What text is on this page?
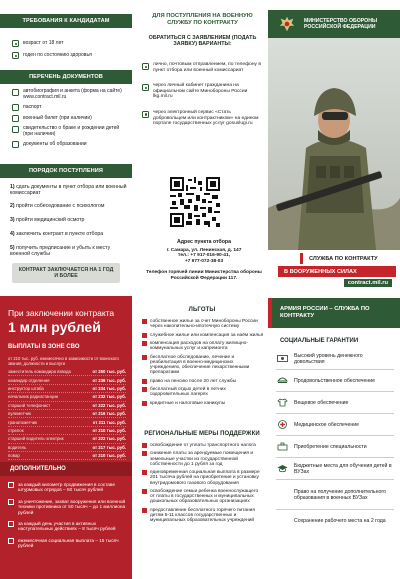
ТРЕБОВАНИЯ К КАНДИДАТАМ
возраст от 18 лет
годен по состоянию здоровья
ПЕРЕЧЕНЬ ДОКУМЕНТОВ
автобиография и анкета (форма на сайте) www.contract.mil.ru
паспорт
военный билет (при наличии)
свидетельство о браке и рождении детей (при наличии)
документы об образовании
ПОРЯДОК ПОСТУПЛЕНИЯ
1) сдать документы в пункт отбора или военный комиссариат
2) пройти собеседование с психологом
3) пройти медицинский осмотр
4) заключить контракт в пункте отбора
5) получить предписание и убыть к месту военной службы
КОНТРАКТ ЗАКЛЮЧАЕТСЯ НА 1 ГОД И БОЛЕЕ
ДЛЯ ПОСТУПЛЕНИЯ НА ВОЕННУЮ СЛУЖБУ ПО КОНТРАКТУ
ОБРАТИТЬСЯ С ЗАЯВЛЕНИЕМ (ПОДАТЬ ЗАЯВКУ) ВАРИАНТЫ:
лично, почтовым отправлением, по телефону в пункт отбора или военный комиссариат
через личный кабинет гражданина на официальном сайте Минобороны России lkg.mil.ru
через электронный сервис «Стать добровольцем или контрактником» на едином портале государственных услуг gosuslugi.ru
Адрес пункта отбора
г. Самара, ул. Ленинская, д. 147
тел.: +7 917-016-90-41,
+7 977-072-38-03
Телефон горячей линии Министерства обороны Российской Федерации 117.
МИНИСТЕРСТВО ОБОРОНЫ РОССИЙСКОЙ ФЕДЕРАЦИИ
СЛУЖБА ПО КОНТРАКТУ
В ВООРУЖЕННЫХ СИЛАХ
contract.mil.ru
При заключении контракта
1 млн рублей
ВЫПЛАТЫ В ЗОНЕ СВО
от 210 тыс. руб. ежемесячно в зависимости от воинского звания, должности и выслуги
заместитель командира взвода	от 250 тыс. руб.
командир отделения	от 236 тыс. руб.
инструктор штаба	от 234 тыс. руб.
начальник радиостанции	от 232 тыс. руб.
старший телефонист	от 222 тыс. руб.
пулеметчик	от 216 тыс. руб.
гранатометчик	от 211 тыс. руб.
стрелок	от 210 тыс. руб.
старший водитель-электрик	от 222 тыс. руб.
водитель	от 217 тыс. руб.
повар	от 210 тыс. руб.
ДОПОЛНИТЕЛЬНО
за каждый километр продвижения в составе штурмовых отрядов – 50 тысяч рублей
за уничтожение, захват вооружения или военной техники противника от 50 тысяч – до 1 миллиона рублей
за каждый день участия в активных наступательных действиях – 8 тысяч рублей
ежемесячная социальная выплата – 15 тысяч рублей
ЛЬГОТЫ
собственное жилье за счет Минобороны России через накопительно-ипотечную систему
служебное жилье или компенсация за наём жилья
компенсация расходов на оплату жилищно-коммунальных услуг и капремонта
бесплатное обследование, лечение и реабилитация в военно-медицинских учреждениях, обеспечение лекарственными препаратами
право на пенсию после 20 лет службы
бесплатный отдых детей в летних оздоровительных лагерях
кредитные и налоговые каникулы
РЕГИОНАЛЬНЫЕ МЕРЫ ПОДДЕРЖКИ
освобождение от уплаты транспортного налога
снижение платы за арендуемые помещения и земельные участки из государственной собственности до 1 рубля за год
единовременная социальная выплата в размере 201 тысяча рублей на приобретение и установку внутридомового газового оборудования
освобождение семьи ребенка военнослужащего от платы в государственных и муниципальных дошкольных образовательных организациях
предоставление бесплатного горячего питания детям 5-11 классов государственных и муниципальных образовательных учреждений
АРМИЯ РОССИИ – СЛУЖБА ПО КОНТРАКТУ
СОЦИАЛЬНЫЕ ГАРАНТИИ
Высокий уровень денежного довольствия
Продовольственное обеспечение
Вещевое обеспечение
Медицинское обеспечение
Приобретение специальности
Бюджетные места для обучения детей в ВУЗах
Право на получение дополнительного образования в военных ВУЗах
Сохранение рабочего места на 2 года
